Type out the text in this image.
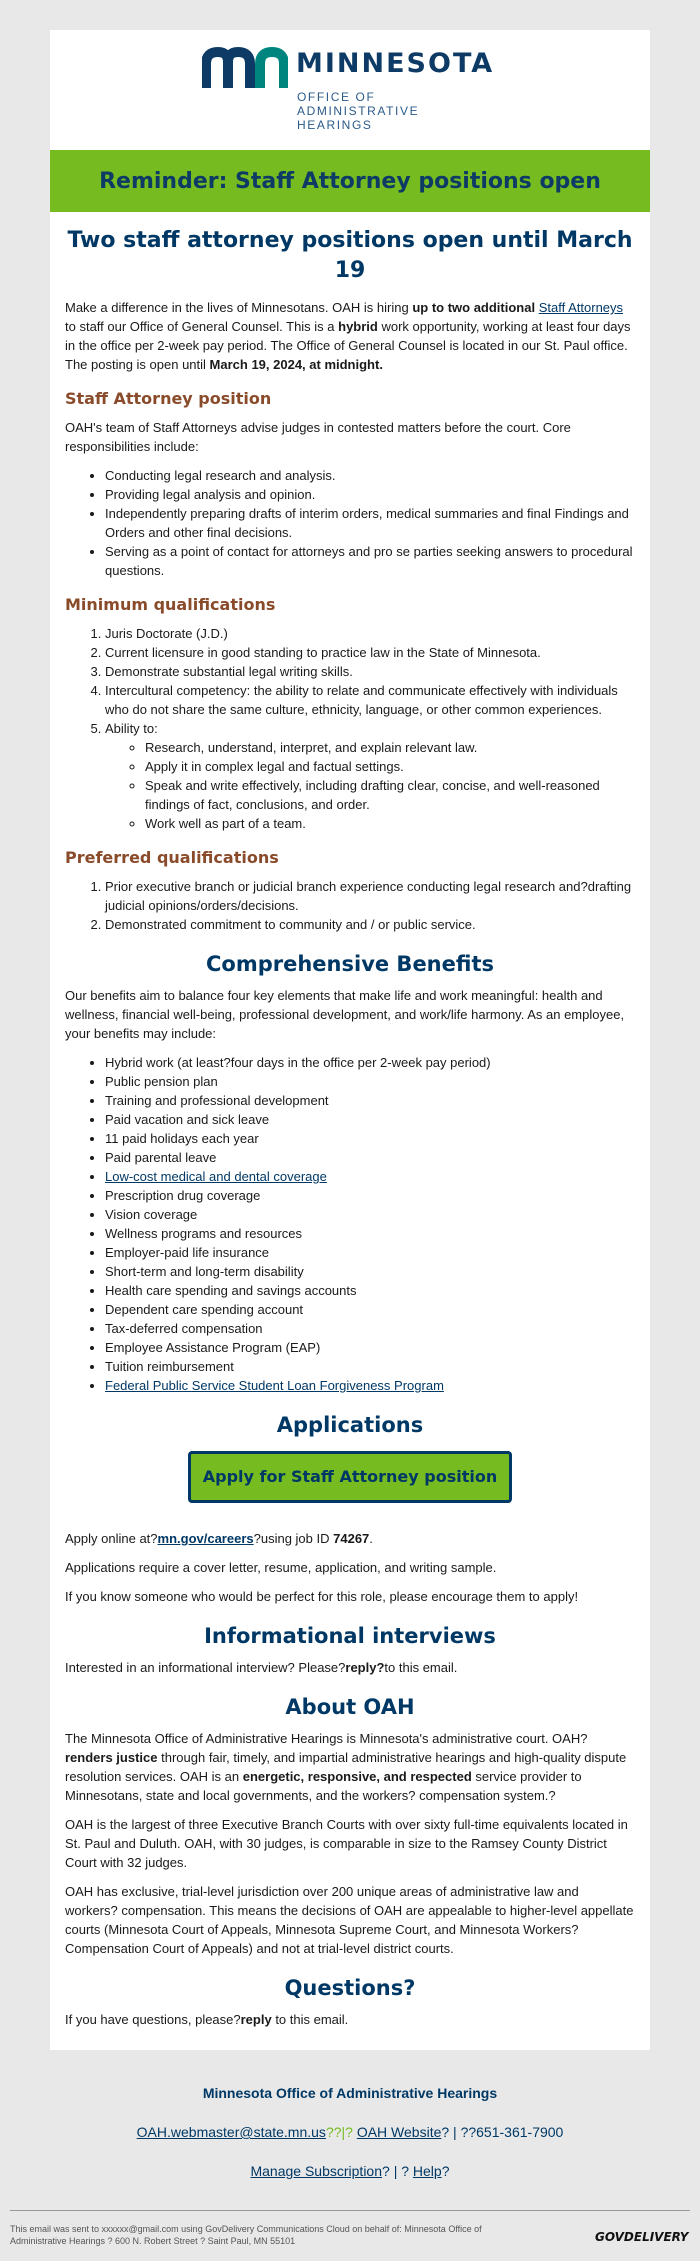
MINNESOTA
OFFICE OF
ADMINISTRATIVE
HEARINGS
Reminder: Staff Attorney positions open
Two staff attorney positions open until March 19

Make a difference in the lives of Minnesotans. OAH is hiring up to two additional Staff Attorneys to staff our Office of General Counsel. This is a hybrid work opportunity, working at least four days in the office per 2-week pay period. The Office of General Counsel is located in our St. Paul office. The posting is open until March 19, 2024, at midnight.

Staff Attorney position

OAH's team of Staff Attorneys advise judges in contested matters before the court. Core responsibilities include:

• Conducting legal research and analysis.
• Providing legal analysis and opinion.
• Independently preparing drafts of interim orders, medical summaries and final Findings and Orders and other final decisions.
• Serving as a point of contact for attorneys and pro se parties seeking answers to procedural questions.
Minimum qualifications
1. Juris Doctorate (J.D.)
2. Current licensure in good standing to practice law in the State of Minnesota.
3. Demonstrate substantial legal writing skills.
4. Intercultural competency: the ability to relate and communicate effectively with individuals who do not share the same culture, ethnicity, language, or other common experiences.
5. Ability to:
◦ Research, understand, interpret, and explain relevant law.
◦ Apply it in complex legal and factual settings.
◦ Speak and write effectively, including drafting clear, concise, and well-reasoned findings of fact, conclusions, and order.
◦ Work well as part of a team.
Preferred qualifications
1. Prior executive branch or judicial branch experience conducting legal research and?drafting judicial opinions/orders/decisions.
2. Demonstrated commitment to community and / or public service.
Comprehensive Benefits

Our benefits aim to balance four key elements that make life and work meaningful: health and wellness, financial well-being, professional development, and work/life harmony. As an employee, your benefits may include:

• Hybrid work (at least?four days in the office per 2-week pay period)
• Public pension plan
• Training and professional development
• Paid vacation and sick leave
• 11 paid holidays each year
• Paid parental leave
• Low-cost medical and dental coverage
• Prescription drug coverage
• Vision coverage
• Wellness programs and resources
• Employer-paid life insurance
• Short-term and long-term disability
• Health care spending and savings accounts
• Dependent care spending account
• Tax-deferred compensation
• Employee Assistance Program (EAP)
• Tuition reimbursement
• Federal Public Service Student Loan Forgiveness Program
Applications
Apply for Staff Attorney position

Apply online at?mn.gov/careers?using job ID 74267.

Applications require a cover letter, resume, application, and writing sample.

If you know someone who would be perfect for this role, please encourage them to apply!

Informational interviews

Interested in an informational interview? Please?reply?to this email.

About OAH

The Minnesota Office of Administrative Hearings is Minnesota's administrative court. OAH?renders justice through fair, timely, and impartial administrative hearings and high-quality dispute resolution services. OAH is an energetic, responsive, and respected service provider to Minnesotans, state and local governments, and the workers? compensation system.?

OAH is the largest of three Executive Branch Courts with over sixty full-time equivalents located in St. Paul and Duluth. OAH, with 30 judges, is comparable in size to the Ramsey County District Court with 32 judges.

OAH has exclusive, trial-level jurisdiction over 200 unique areas of administrative law and workers? compensation. This means the decisions of OAH are appealable to higher-level appellate courts (Minnesota Court of Appeals, Minnesota Supreme Court, and Minnesota Workers? Compensation Court of Appeals) and not at trial-level district courts.

Questions?

If you have questions, please?reply to this email.

Minnesota Office of Administrative Hearings
OAH.webmaster@state.mn.us??|? OAH Website? | ??651-361-7900
Manage Subscription? | ? Help?
This email was sent to xxxxxx@gmail.com using GovDelivery Communications Cloud on behalf of: Minnesota Office of Administrative Hearings ? 600 N. Robert Street ? Saint Paul, MN 55101	GOVDELIVERY
